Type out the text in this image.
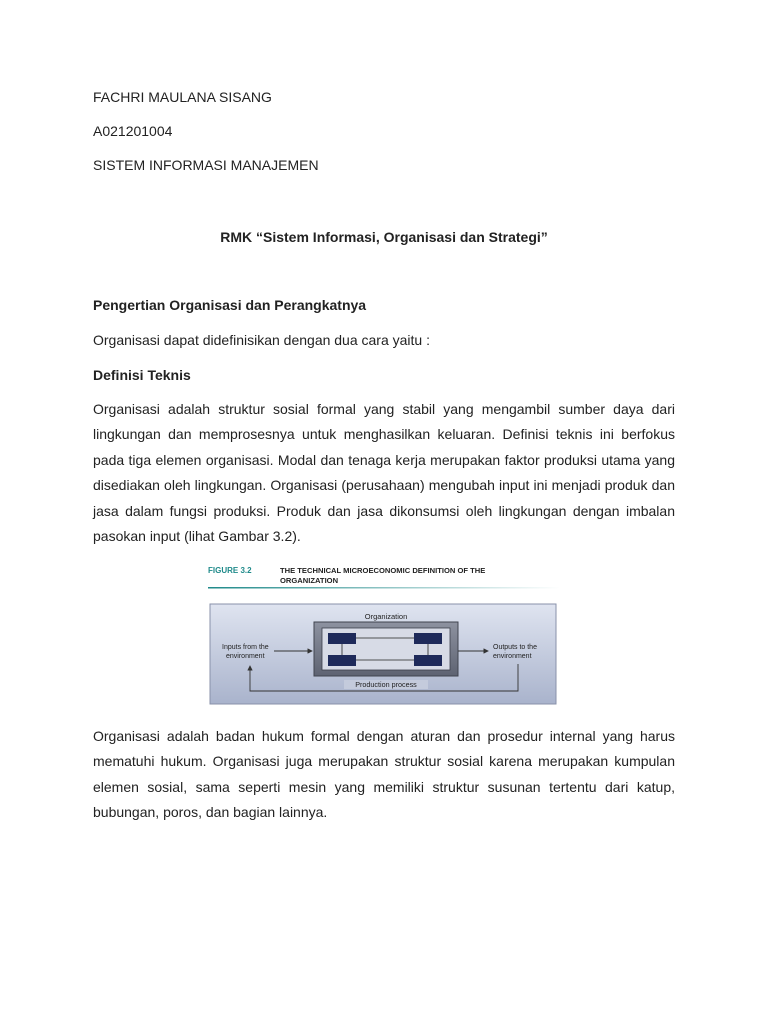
FACHRI MAULANA SISANG

A021201004

SISTEM INFORMASI MANAJEMEN

RMK “Sistem Informasi, Organisasi dan Strategi”

Pengertian Organisasi dan Perangkatnya

Organisasi dapat didefinisikan dengan dua cara yaitu :

Definisi Teknis

Organisasi adalah struktur sosial formal yang stabil yang mengambil sumber daya dari lingkungan dan memprosesnya untuk menghasilkan keluaran. Definisi teknis ini berfokus pada tiga elemen organisasi. Modal dan tenaga kerja merupakan faktor produksi utama yang disediakan oleh lingkungan. Organisasi (perusahaan) mengubah input ini menjadi produk dan jasa dalam fungsi produksi. Produk dan jasa dikonsumsi oleh lingkungan dengan imbalan pasokan input (lihat Gambar 3.2).

FIGURE 3.2	THE TECHNICAL MICROECONOMIC DEFINITION OF THE
ORGANIZATION
Organization
Inputs from the
environment
Outputs to the
environment
Production process

Organisasi adalah badan hukum formal dengan aturan dan prosedur internal yang harus mematuhi hukum. Organisasi juga merupakan struktur sosial karena merupakan kumpulan elemen sosial, sama seperti mesin yang memiliki struktur susunan tertentu dari katup, bubungan, poros, dan bagian lainnya.
